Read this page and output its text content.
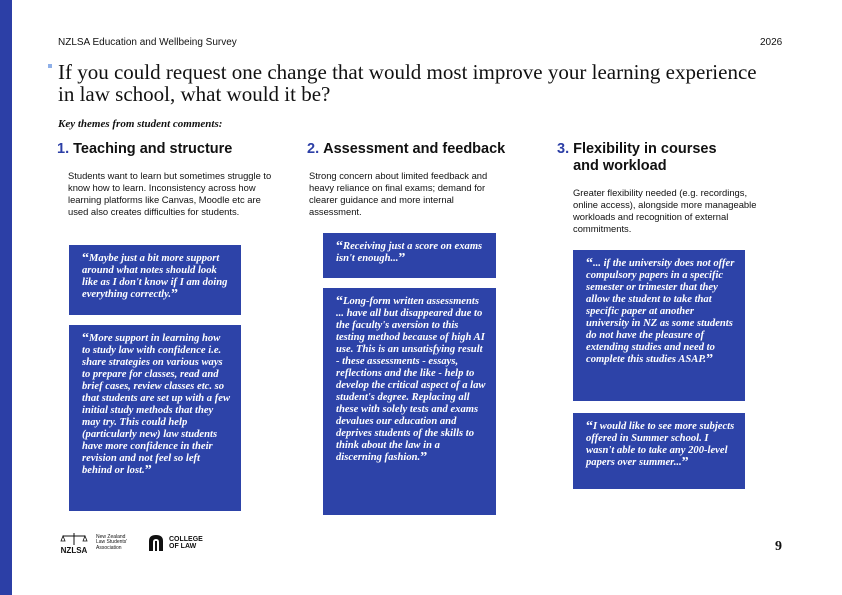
NZLSA Education and Wellbeing Survey	2026
If you could request one change that would most improve your learning experience in law school, what would it be?
Key themes from student comments:
1. Teaching and structure
Students want to learn but sometimes struggle to know how to learn. Inconsistency across how learning platforms like Canvas, Moodle etc are used also creates difficulties for students.
“Maybe just a bit more support around what notes should look like as I don't know if I am doing everything correctly.”
“More support in learning how to study law with confidence i.e. share strategies on various ways to prepare for classes, read and brief cases, review classes etc. so that students are set up with a few initial study methods that they may try. This could help (particularly new) law students have more confidence in their revision and not feel so left behind or lost.”
2. Assessment and feedback
Strong concern about limited feedback and heavy reliance on final exams; demand for clearer guidance and more internal assessment.
“Receiving just a score on exams isn't enough...”
“Long-form written assessments ... have all but disappeared due to the faculty's aversion to this testing method because of high AI use. This is an unsatisfying result - these assessments - essays, reflections and the like - help to develop the critical aspect of a law student's degree. Replacing all these with solely tests and exams devalues our education and deprives students of the skills to think about the law in a discerning fashion.”
3. Flexibility in courses and workload
Greater flexibility needed (e.g. recordings, online access), alongside more manageable workloads and recognition of external commitments.
“... if the university does not offer compulsory papers in a specific semester or trimester that they allow the student to take that specific paper at another university in NZ as some students do not have the pleasure of extending studies and need to complete this studies ASAP.”
“I would like to see more subjects offered in Summer school. I wasn't able to take any 200-level papers over summer...”
NZLSA
New Zealand Law Students' Association
COLLEGE OF LAW	9
